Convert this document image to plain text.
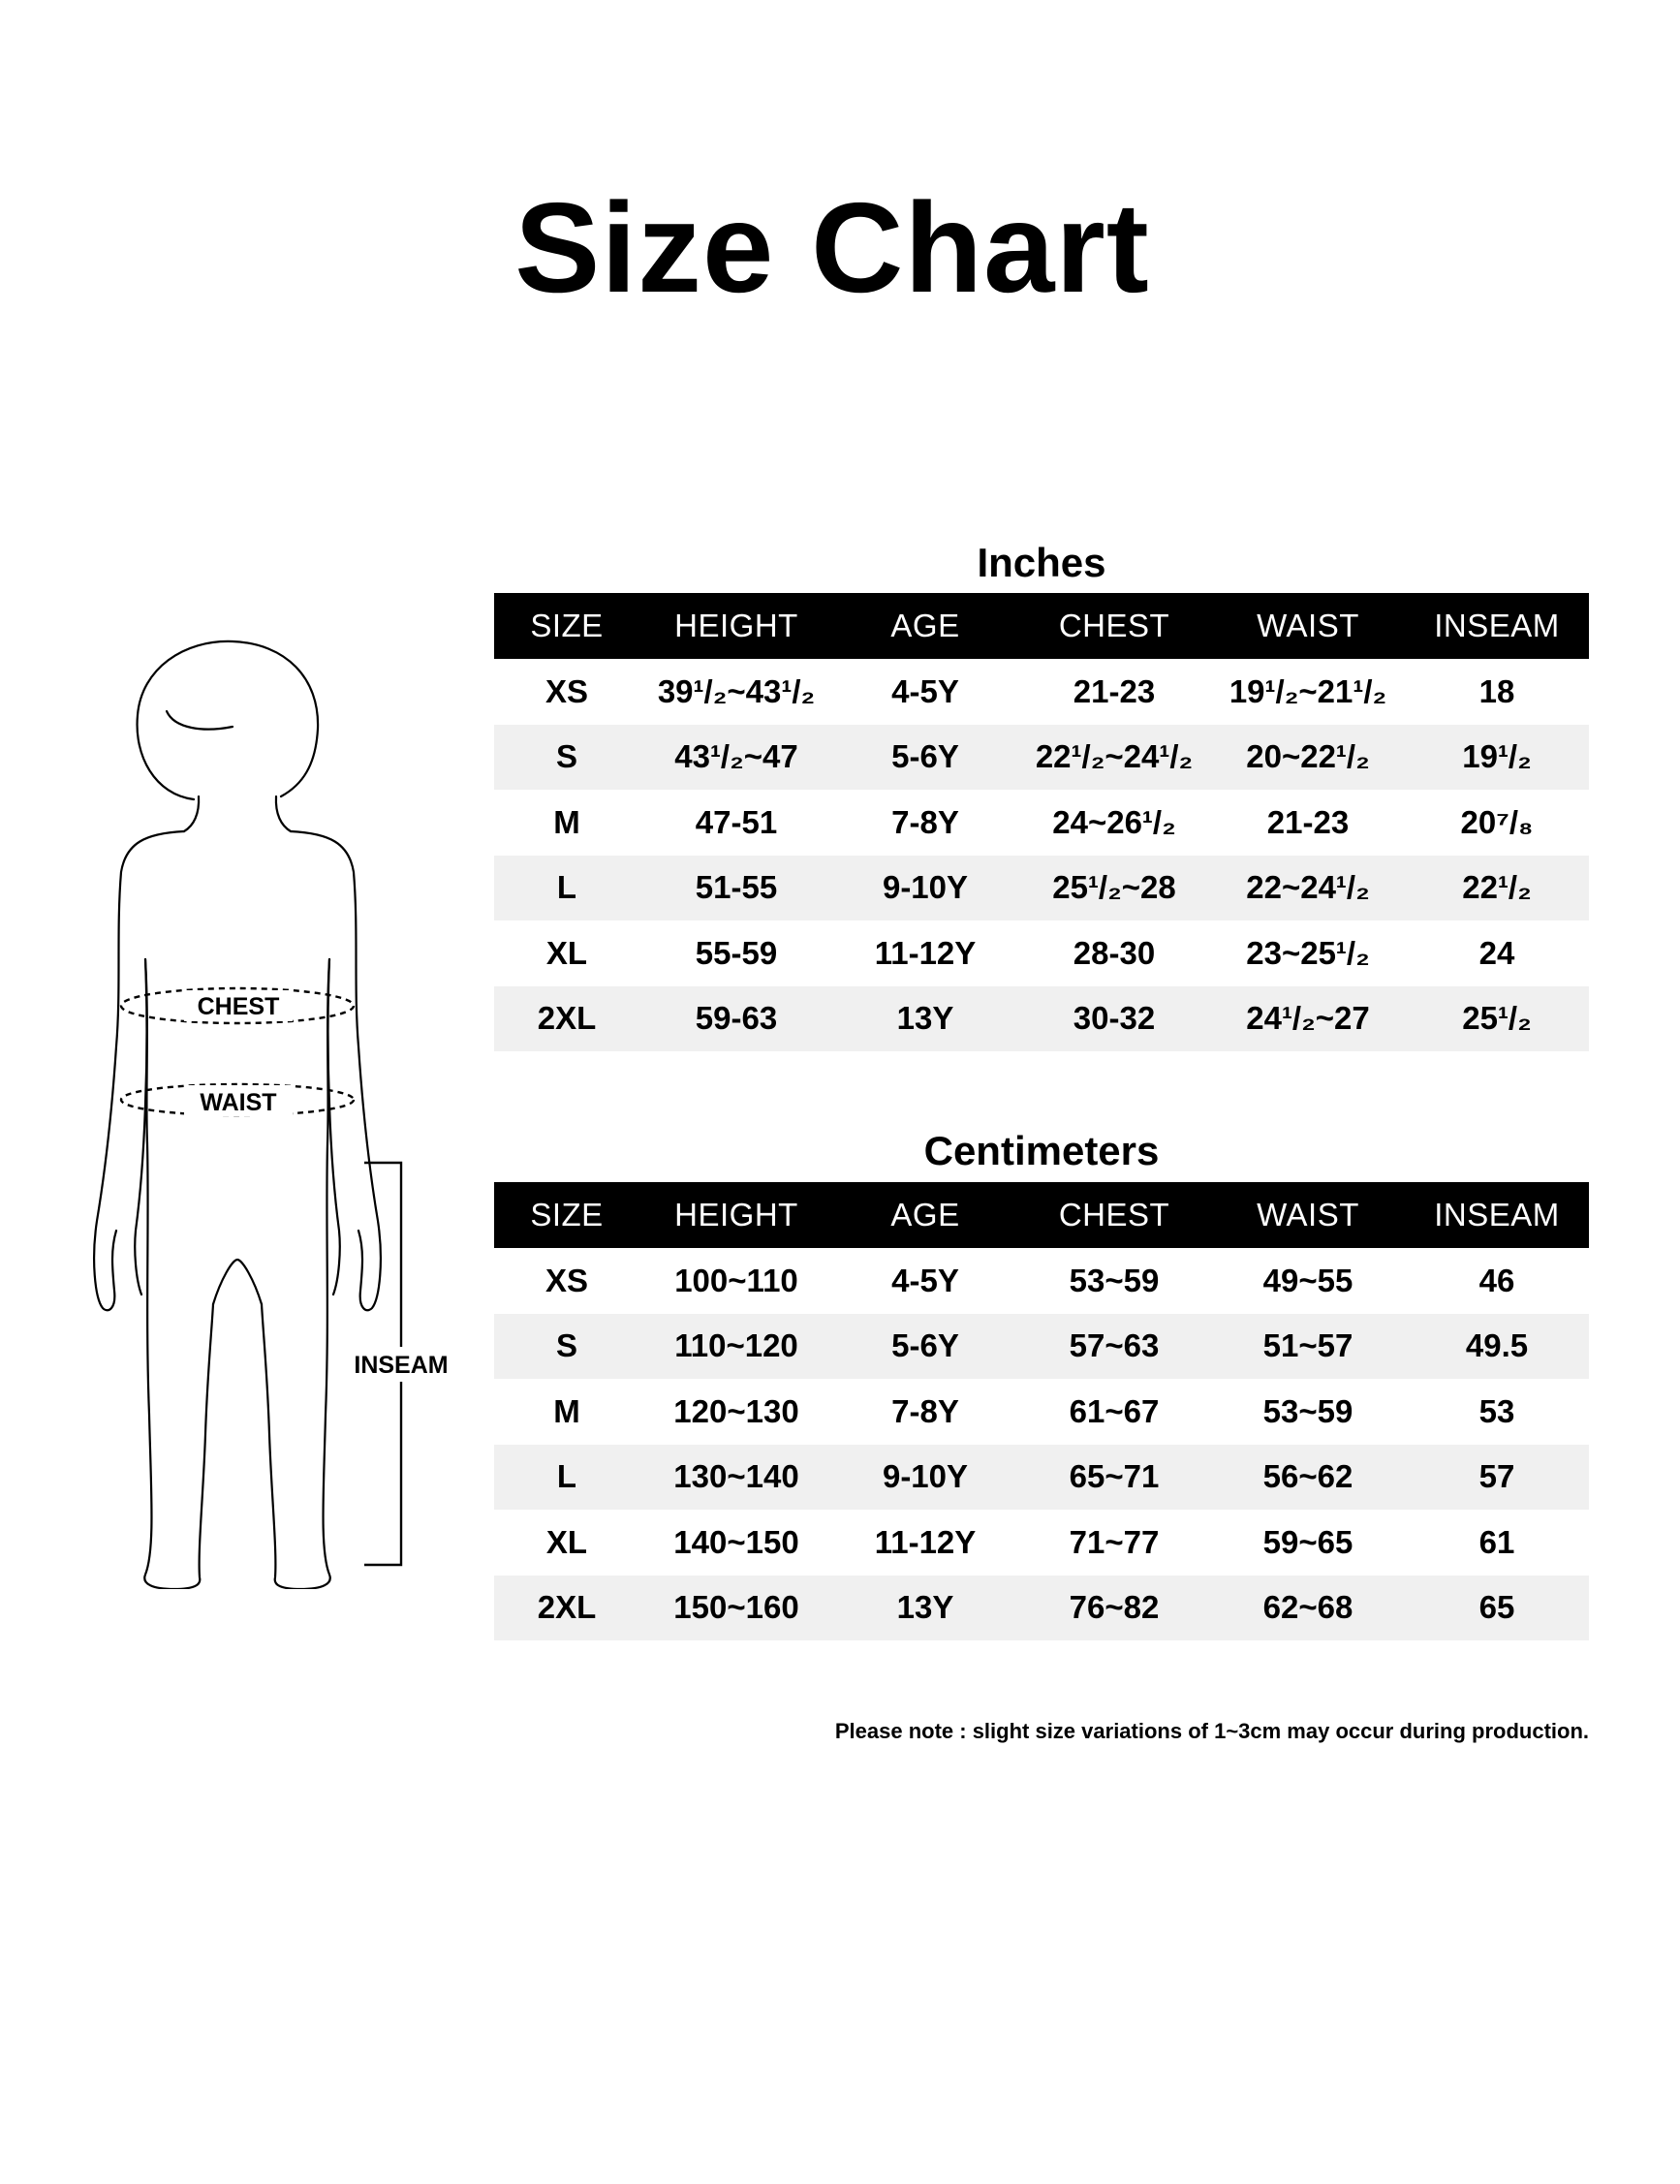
Size Chart
CHEST
WAIST
INSEAM
Inches
SIZE	HEIGHT	AGE	CHEST	WAIST	INSEAM
XS	39¹/₂~43¹/₂	4-5Y	21-23	19¹/₂~21¹/₂	18
S	43¹/₂~47	5-6Y	22¹/₂~24¹/₂	20~22¹/₂	19¹/₂
M	47-51	7-8Y	24~26¹/₂	21-23	20⁷/₈
L	51-55	9-10Y	25¹/₂~28	22~24¹/₂	22¹/₂
XL	55-59	11-12Y	28-30	23~25¹/₂	24
2XL	59-63	13Y	30-32	24¹/₂~27	25¹/₂
Centimeters
SIZE	HEIGHT	AGE	CHEST	WAIST	INSEAM
XS	100~110	4-5Y	53~59	49~55	46
S	110~120	5-6Y	57~63	51~57	49.5
M	120~130	7-8Y	61~67	53~59	53
L	130~140	9-10Y	65~71	56~62	57
XL	140~150	11-12Y	71~77	59~65	61
2XL	150~160	13Y	76~82	62~68	65
Please note : slight size variations of 1~3cm may occur during production.
